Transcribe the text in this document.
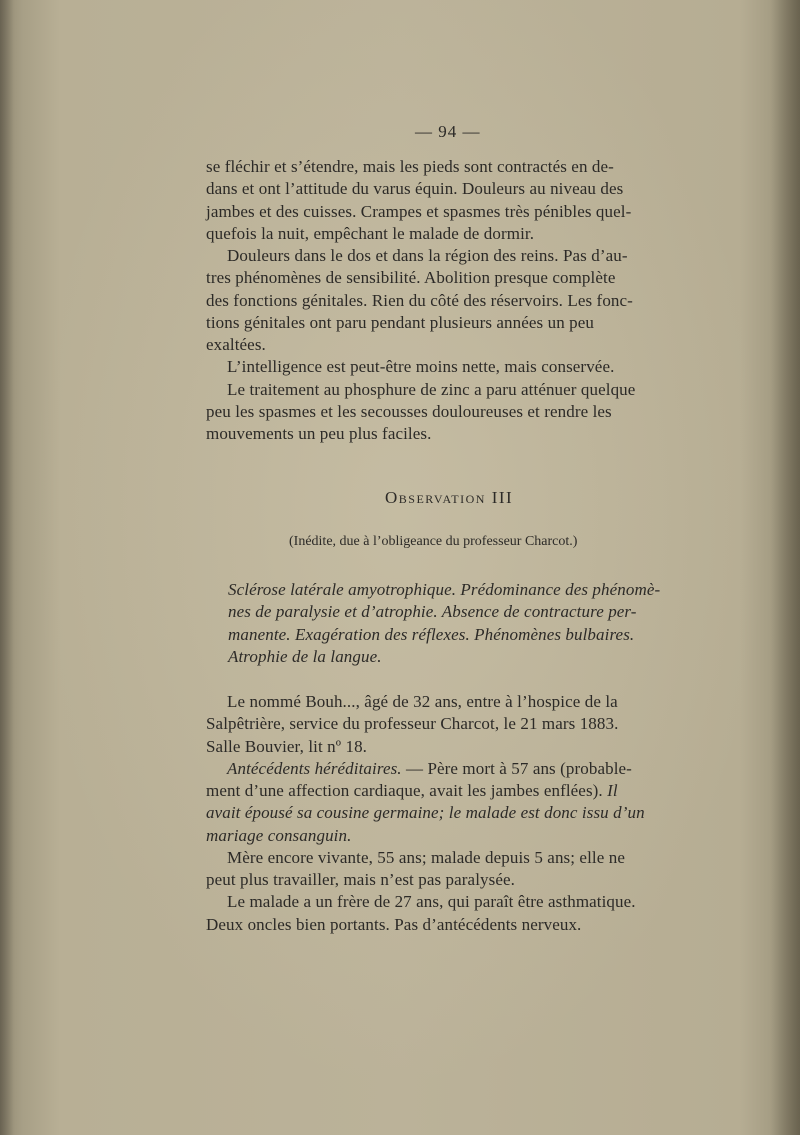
— 94 —
se fléchir et s’étendre, mais les pieds sont contractés en de-
dans et ont l’attitude du varus équin. Douleurs au niveau des
jambes et des cuisses. Crampes et spasmes très pénibles quel-
quefois la nuit, empêchant le malade de dormir.
Douleurs dans le dos et dans la région des reins. Pas d’au-
tres phénomènes de sensibilité. Abolition presque complète
des fonctions génitales. Rien du côté des réservoirs. Les fonc-
tions génitales ont paru pendant plusieurs années un peu
exaltées.
L’intelligence est peut-être moins nette, mais conservée.
Le traitement au phosphure de zinc a paru atténuer quelque
peu les spasmes et les secousses douloureuses et rendre les
mouvements un peu plus faciles.
Observation III
(Inédite, due à l’obligeance du professeur Charcot.)
Sclérose latérale amyotrophique. Prédominance des phénomè-
nes de paralysie et d’atrophie. Absence de contracture per-
manente. Exagération des réflexes. Phénomènes bulbaires.
Atrophie de la langue.
Le nommé Bouh..., âgé de 32 ans, entre à l’hospice de la
Salpêtrière, service du professeur Charcot, le 21 mars 1883.
Salle Bouvier, lit nº 18.
Antécédents héréditaires. — Père mort à 57 ans (probable-
ment d’une affection cardiaque, avait les jambes enflées). Il
avait épousé sa cousine germaine; le malade est donc issu d’un
mariage consanguin.
Mère encore vivante, 55 ans; malade depuis 5 ans; elle ne
peut plus travailler, mais n’est pas paralysée.
Le malade a un frère de 27 ans, qui paraît être asthmatique.
Deux oncles bien portants. Pas d’antécédents nerveux.
